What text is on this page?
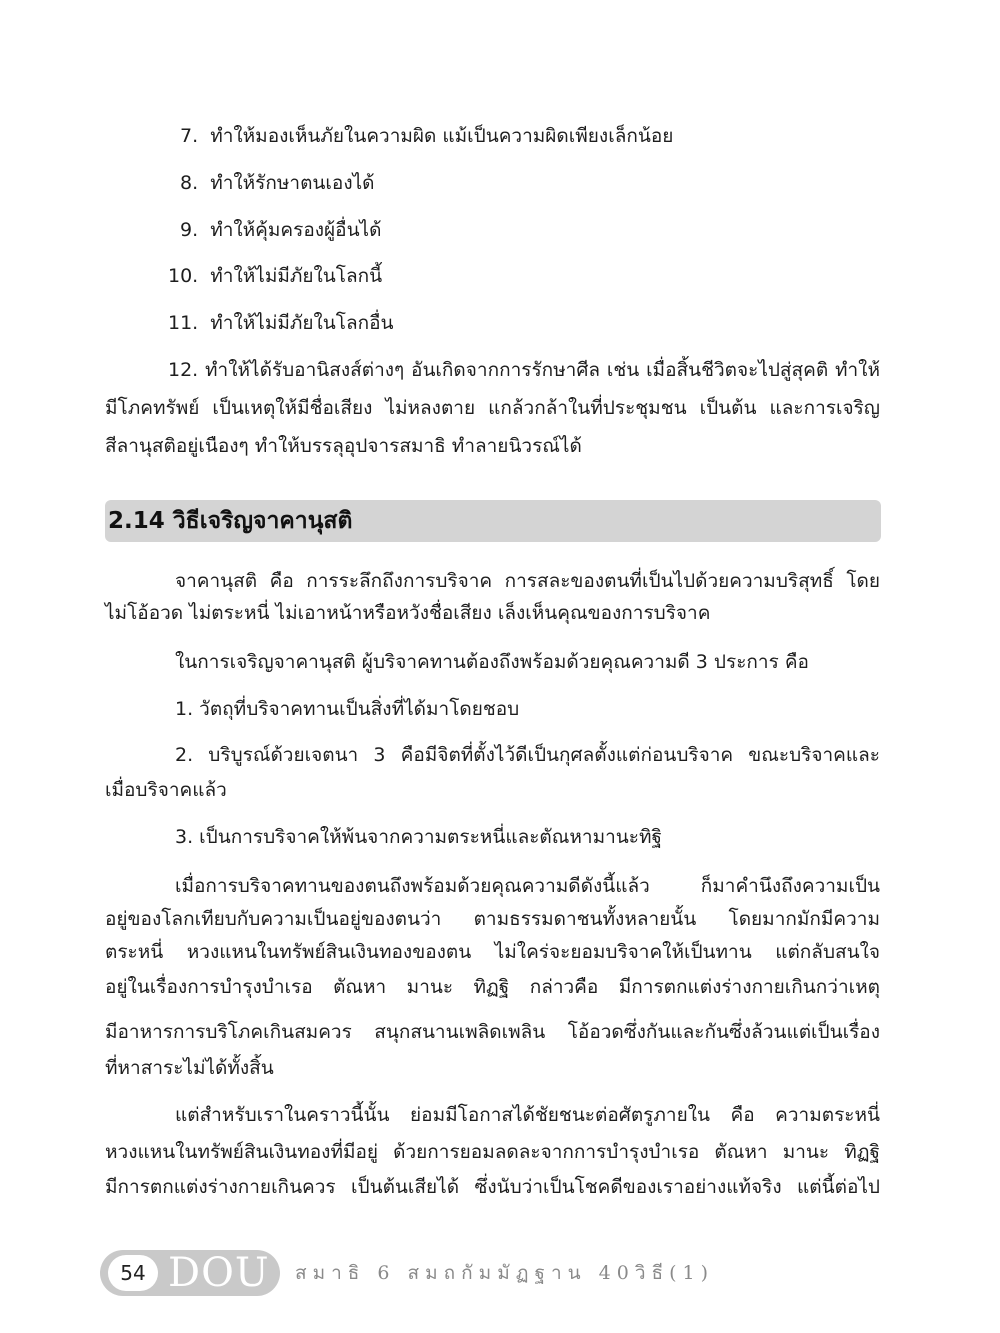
7. ทำให้มองเห็นภัยในความผิด แม้เป็นความผิดเพียงเล็กน้อย
8. ทำให้รักษาตนเองได้
9. ทำให้คุ้มครองผู้อื่นได้
10. ทำให้ไม่มีภัยในโลกนี้
11. ทำให้ไม่มีภัยในโลกอื่น
12. ทำให้ได้รับอานิสงส์ต่างๆ อันเกิดจากการรักษาศีล เช่น เมื่อสิ้นชีวิตจะไปสู่สุคติ ทำให้
มีโภคทรัพย์ เป็นเหตุให้มีชื่อเสียง ไม่หลงตาย แกล้วกล้าในที่ประชุมชน เป็นต้น และการเจริญ
สีลานุสติอยู่เนืองๆ ทำให้บรรลุอุปจารสมาธิ ทำลายนิวรณ์ได้
2.14 วิธีเจริญจาคานุสติ
จาคานุสติ คือ การระลึกถึงการบริจาค การสละของตนที่เป็นไปด้วยความบริสุทธิ์ โดย
ไม่โอ้อวด ไม่ตระหนี่ ไม่เอาหน้าหรือหวังชื่อเสียง เล็งเห็นคุณของการบริจาค
ในการเจริญจาคานุสติ ผู้บริจาคทานต้องถึงพร้อมด้วยคุณความดี 3 ประการ คือ
1. วัตถุที่บริจาคทานเป็นสิ่งที่ได้มาโดยชอบ
2. บริบูรณ์ด้วยเจตนา 3 คือมีจิตที่ตั้งไว้ดีเป็นกุศลตั้งแต่ก่อนบริจาค ขณะบริจาคและ
เมื่อบริจาคแล้ว
3. เป็นการบริจาคให้พ้นจากความตระหนี่และตัณหามานะทิฐิ
เมื่อการบริจาคทานของตนถึงพร้อมด้วยคุณความดีดังนี้แล้ว ก็มาคำนึงถึงความเป็น
อยู่ของโลกเทียบกับความเป็นอยู่ของตนว่า ตามธรรมดาชนทั้งหลายนั้น โดยมากมักมีความ
ตระหนี่ หวงแหนในทรัพย์สินเงินทองของตน ไม่ใคร่จะยอมบริจาคให้เป็นทาน แต่กลับสนใจ
อยู่ในเรื่องการบำรุงบำเรอ ตัณหา มานะ ทิฏฐิ กล่าวคือ มีการตกแต่งร่างกายเกินกว่าเหตุ
มีอาหารการบริโภคเกินสมควร สนุกสนานเพลิดเพลิน โอ้อวดซึ่งกันและกันซึ่งล้วนแต่เป็นเรื่อง
ที่หาสาระไม่ได้ทั้งสิ้น
แต่สำหรับเราในคราวนี้นั้น ย่อมมีโอกาสได้ชัยชนะต่อศัตรูภายใน คือ ความตระหนี่
หวงแหนในทรัพย์สินเงินทองที่มีอยู่ ด้วยการยอมลดละจากการบำรุงบำเรอ ตัณหา มานะ ทิฏฐิ
มีการตกแต่งร่างกายเกินควร เป็นต้นเสียได้ ซึ่งนับว่าเป็นโชคดีของเราอย่างแท้จริง แต่นี้ต่อไป
54 DOU สมาธิ 6 สมถกัมมัฏฐาน 40วิธี(1)
